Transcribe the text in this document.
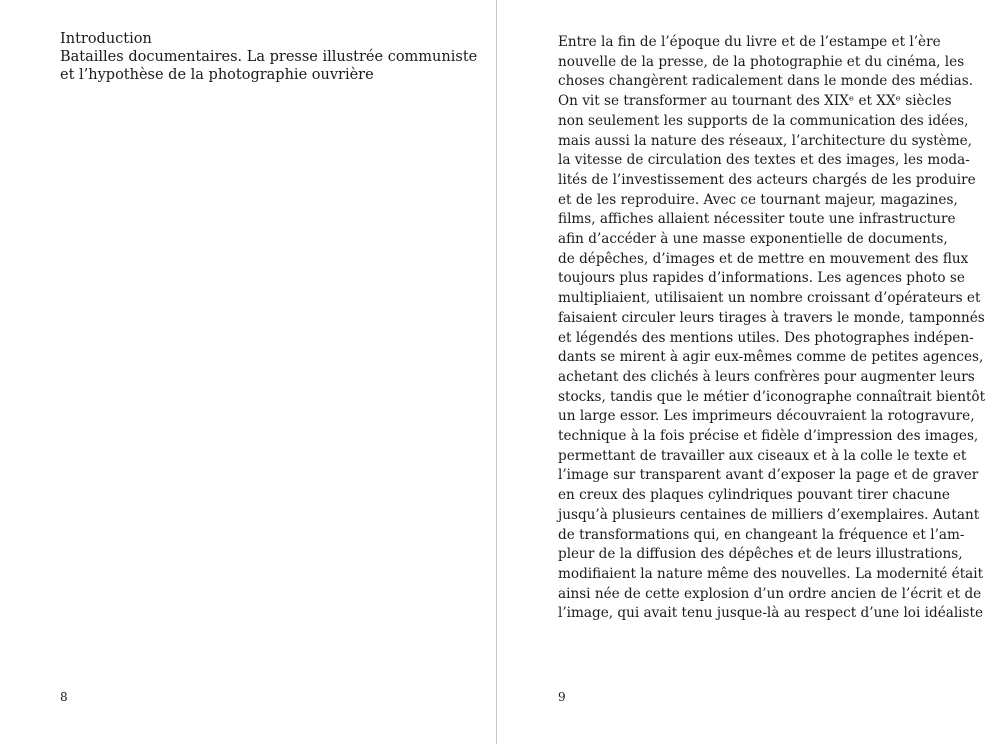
Introduction
Batailles documentaires. La presse illustrée communiste
et l’hypothèse de la photographie ouvrière
8
Entre la fin de l’époque du livre et de l’estampe et l’ère
nouvelle de la presse, de la photographie et du cinéma, les
choses changèrent radicalement dans le monde des médias.
On vit se transformer au tournant des XIXᵉ et XXᵉ siècles
non seulement les supports de la communication des idées,
mais aussi la nature des réseaux, l’architecture du système,
la vitesse de circulation des textes et des images, les moda-
lités de l’investissement des acteurs chargés de les produire
et de les reproduire. Avec ce tournant majeur, magazines,
films, affiches allaient nécessiter toute une infrastructure
afin d’accéder à une masse exponentielle de documents,
de dépêches, d’images et de mettre en mouvement des flux
toujours plus rapides d’informations. Les agences photo se
multipliaient, utilisaient un nombre croissant d’opérateurs et
faisaient circuler leurs tirages à travers le monde, tamponnés
et légendés des mentions utiles. Des photographes indépen-
dants se mirent à agir eux-mêmes comme de petites agences,
achetant des clichés à leurs confrères pour augmenter leurs
stocks, tandis que le métier d’iconographe connaîtrait bientôt
un large essor. Les imprimeurs découvraient la rotogravure,
technique à la fois précise et fidèle d’impression des images,
permettant de travailler aux ciseaux et à la colle le texte et
l’image sur transparent avant d’exposer la page et de graver
en creux des plaques cylindriques pouvant tirer chacune
jusqu’à plusieurs centaines de milliers d’exemplaires. Autant
de transformations qui, en changeant la fréquence et l’am-
pleur de la diffusion des dépêches et de leurs illustrations,
modifiaient la nature même des nouvelles. La modernité était
ainsi née de cette explosion d’un ordre ancien de l’écrit et de
l’image, qui avait tenu jusque-là au respect d’une loi idéaliste
9
